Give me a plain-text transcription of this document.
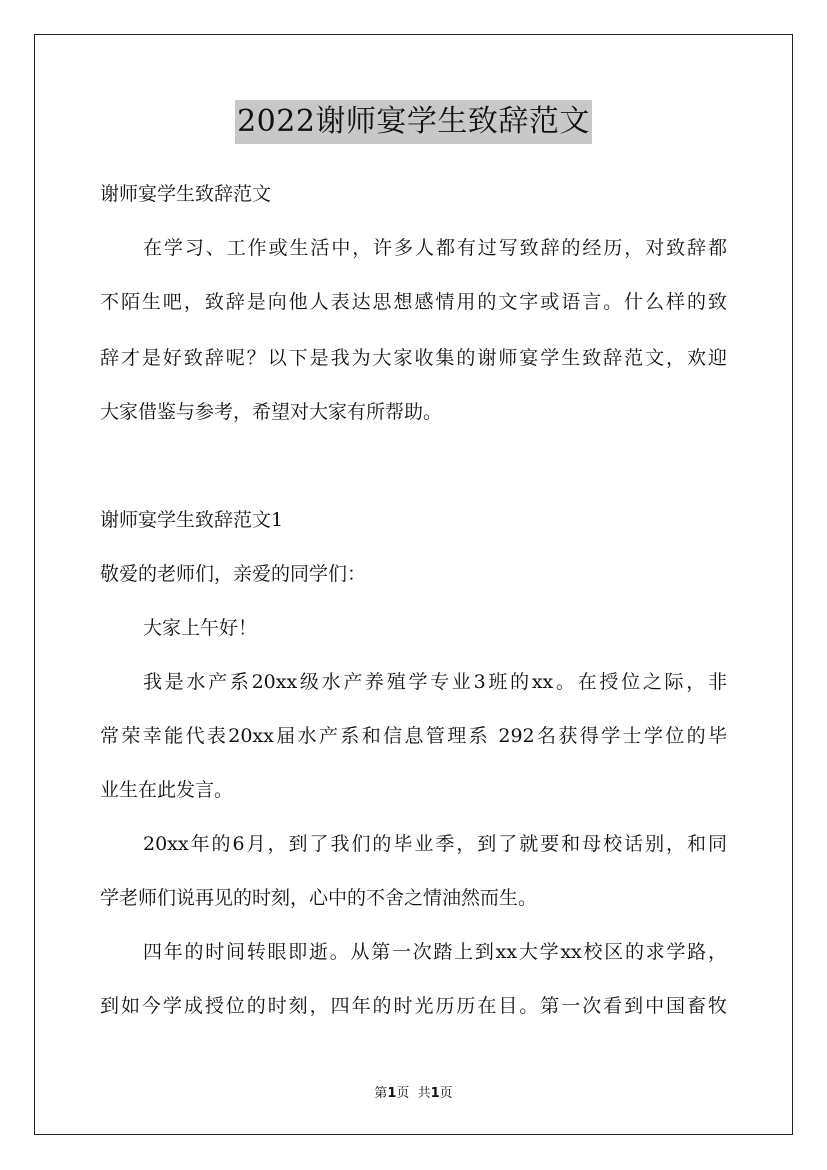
2022谢师宴学生致辞范文
谢师宴学生致辞范文
在学习、工作或生活中，许多人都有过写致辞的经历，对致辞都
不陌生吧，致辞是向他人表达思想感情用的文字或语言。什么样的致
辞才是好致辞呢？以下是我为大家收集的谢师宴学生致辞范文，欢迎
大家借鉴与参考，希望对大家有所帮助。
谢师宴学生致辞范文1
敬爱的老师们，亲爱的同学们：
大家上午好！
我是水产系20xx级水产养殖学专业3班的xx。在授位之际，非
常荣幸能代表20xx届水产系和信息管理系 292名获得学士学位的毕
业生在此发言。
20xx年的6月，到了我们的毕业季，到了就要和母校话别，和同
学老师们说再见的时刻，心中的不舍之情油然而生。
四年的时间转眼即逝。从第一次踏上到xx大学xx校区的求学路，
到如今学成授位的时刻，四年的时光历历在目。第一次看到中国畜牧
第1页  共1页
